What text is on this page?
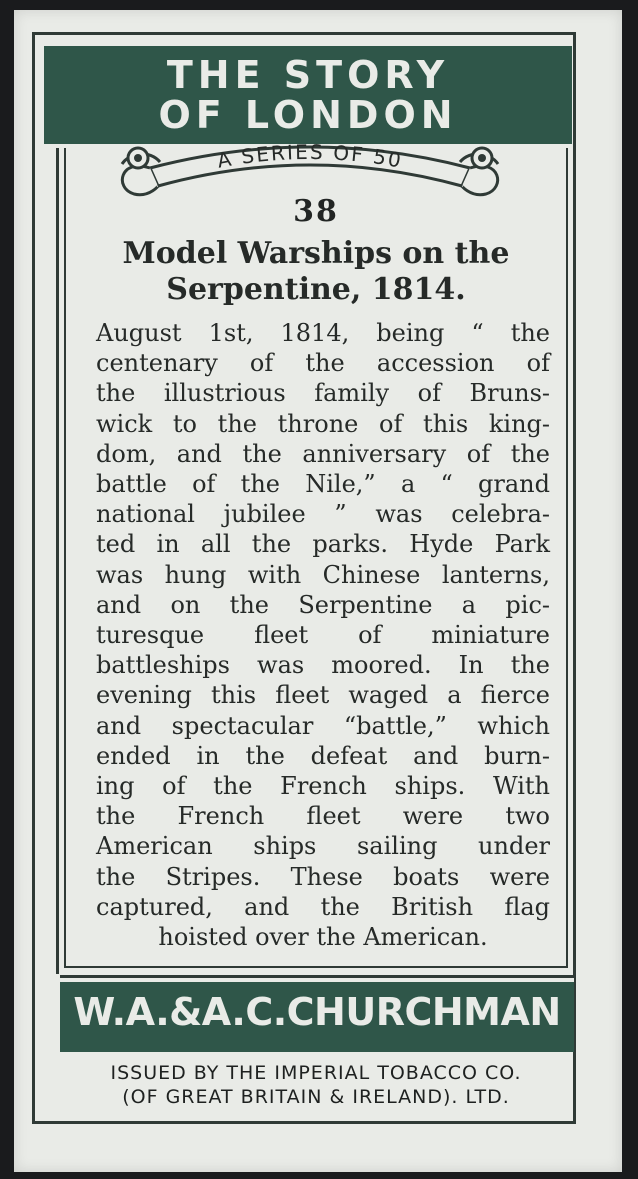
THE STORY
OF LONDON
A SERIES OF 50
38
Model Warships on the
Serpentine, 1814.
August 1st, 1814, being “ the
centenary of the accession of
the illustrious family of Bruns-
wick to the throne of this king-
dom, and the anniversary of the
battle of the Nile,” a “ grand
national jubilee ” was celebra-
ted in all the parks. Hyde Park
was hung with Chinese lanterns,
and on the Serpentine a pic-
turesque fleet of miniature
battleships was moored. In the
evening this fleet waged a fierce
and spectacular “battle,” which
ended in the defeat and burn-
ing of the French ships. With
the French fleet were two
American ships sailing under
the Stripes. These boats were
captured, and the British flag
hoisted over the American.
W.A.&A.C.CHURCHMAN
ISSUED BY THE IMPERIAL TOBACCO CO.
(OF GREAT BRITAIN & IRELAND). LTD.
